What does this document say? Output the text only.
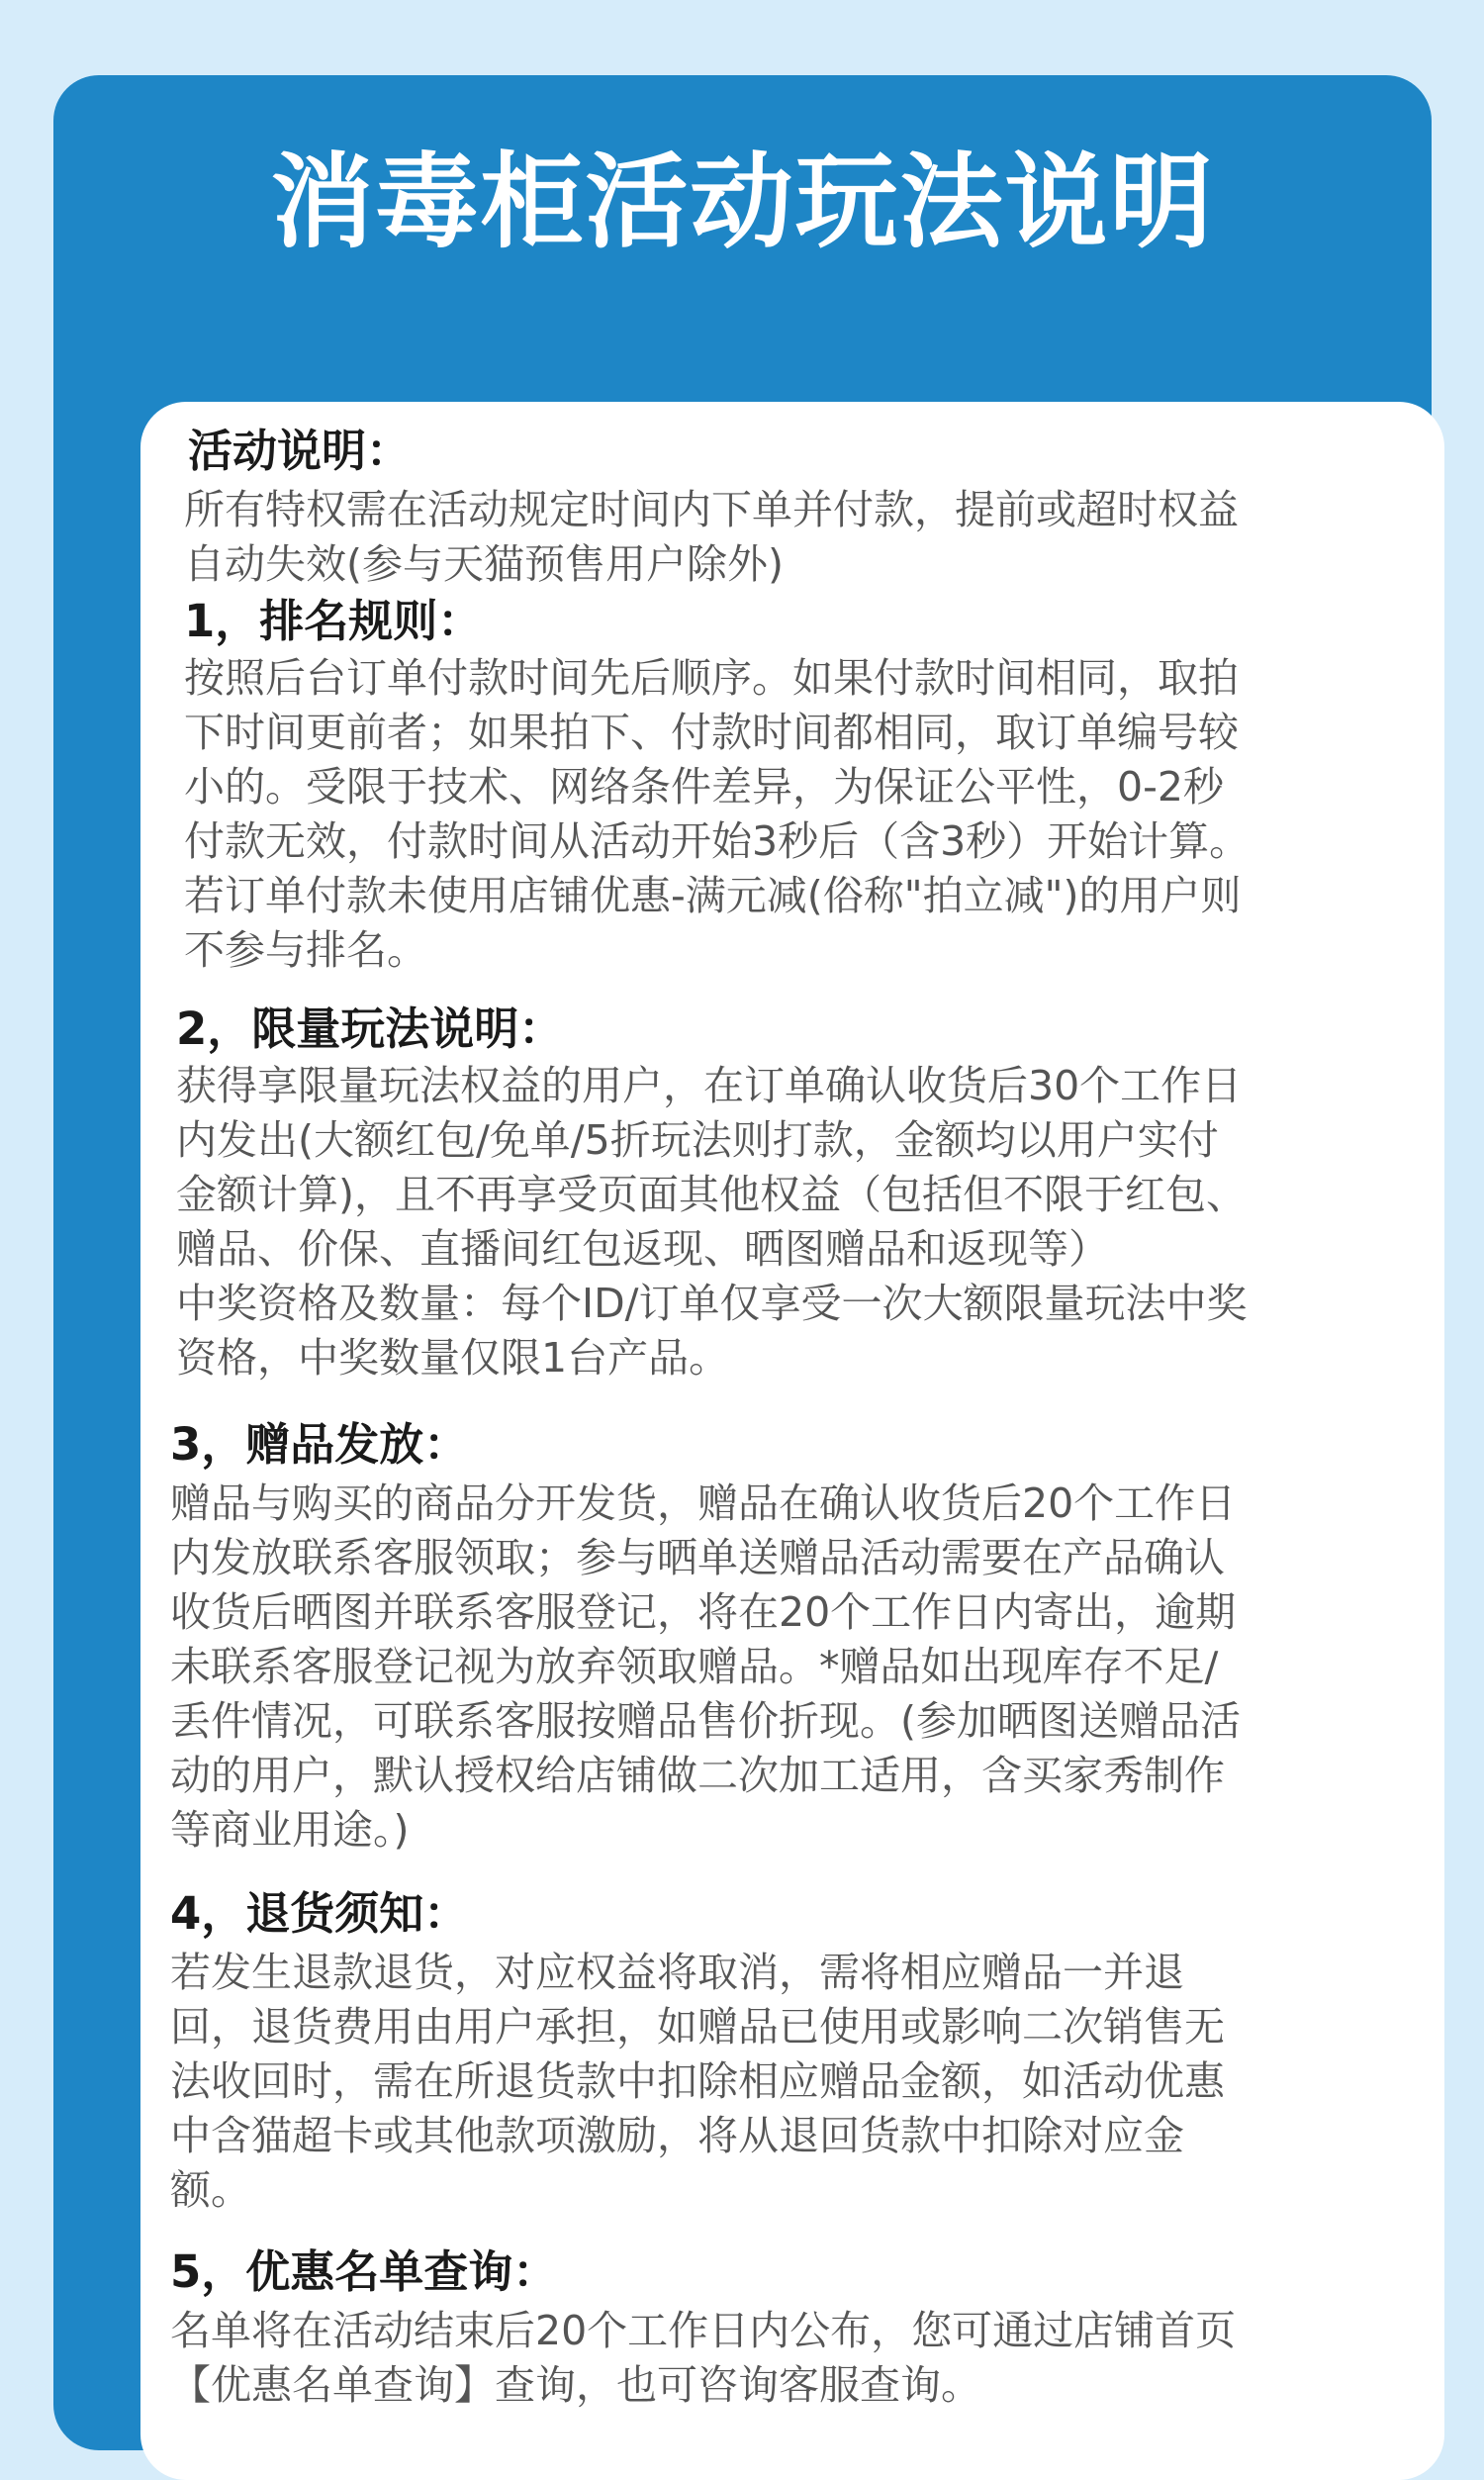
消毒柜活动玩法说明
活动说明：
所有特权需在活动规定时间内下单并付款，提前或超时权益
自动失效(参与天猫预售用户除外)
1，排名规则：
按照后台订单付款时间先后顺序。如果付款时间相同，取拍
下时间更前者；如果拍下、付款时间都相同，取订单编号较
小的。受限于技术、网络条件差异，为保证公平性，0-2秒
付款无效，付款时间从活动开始3秒后（含3秒）开始计算。
若订单付款未使用店铺优惠-满元减(俗称"拍立减")的用户则
不参与排名。
2，限量玩法说明：
获得享限量玩法权益的用户，在订单确认收货后30个工作日
内发出(大额红包/免单/5折玩法则打款，金额均以用户实付
金额计算)，且不再享受页面其他权益（包括但不限于红包、
赠品、价保、直播间红包返现、晒图赠品和返现等）
中奖资格及数量：每个ID/订单仅享受一次大额限量玩法中奖
资格，中奖数量仅限1台产品。
3，赠品发放：
赠品与购买的商品分开发货，赠品在确认收货后20个工作日
内发放联系客服领取；参与晒单送赠品活动需要在产品确认
收货后晒图并联系客服登记，将在20个工作日内寄出，逾期
未联系客服登记视为放弃领取赠品。*赠品如出现库存不足/
丢件情况，可联系客服按赠品售价折现。(参加晒图送赠品活
动的用户，默认授权给店铺做二次加工适用，含买家秀制作
等商业用途。)
4，退货须知：
若发生退款退货，对应权益将取消，需将相应赠品一并退
回，退货费用由用户承担，如赠品已使用或影响二次销售无
法收回时，需在所退货款中扣除相应赠品金额，如活动优惠
中含猫超卡或其他款项激励，将从退回货款中扣除对应金
额。
5，优惠名单查询：
名单将在活动结束后20个工作日内公布，您可通过店铺首页
【优惠名单查询】查询，也可咨询客服查询。
